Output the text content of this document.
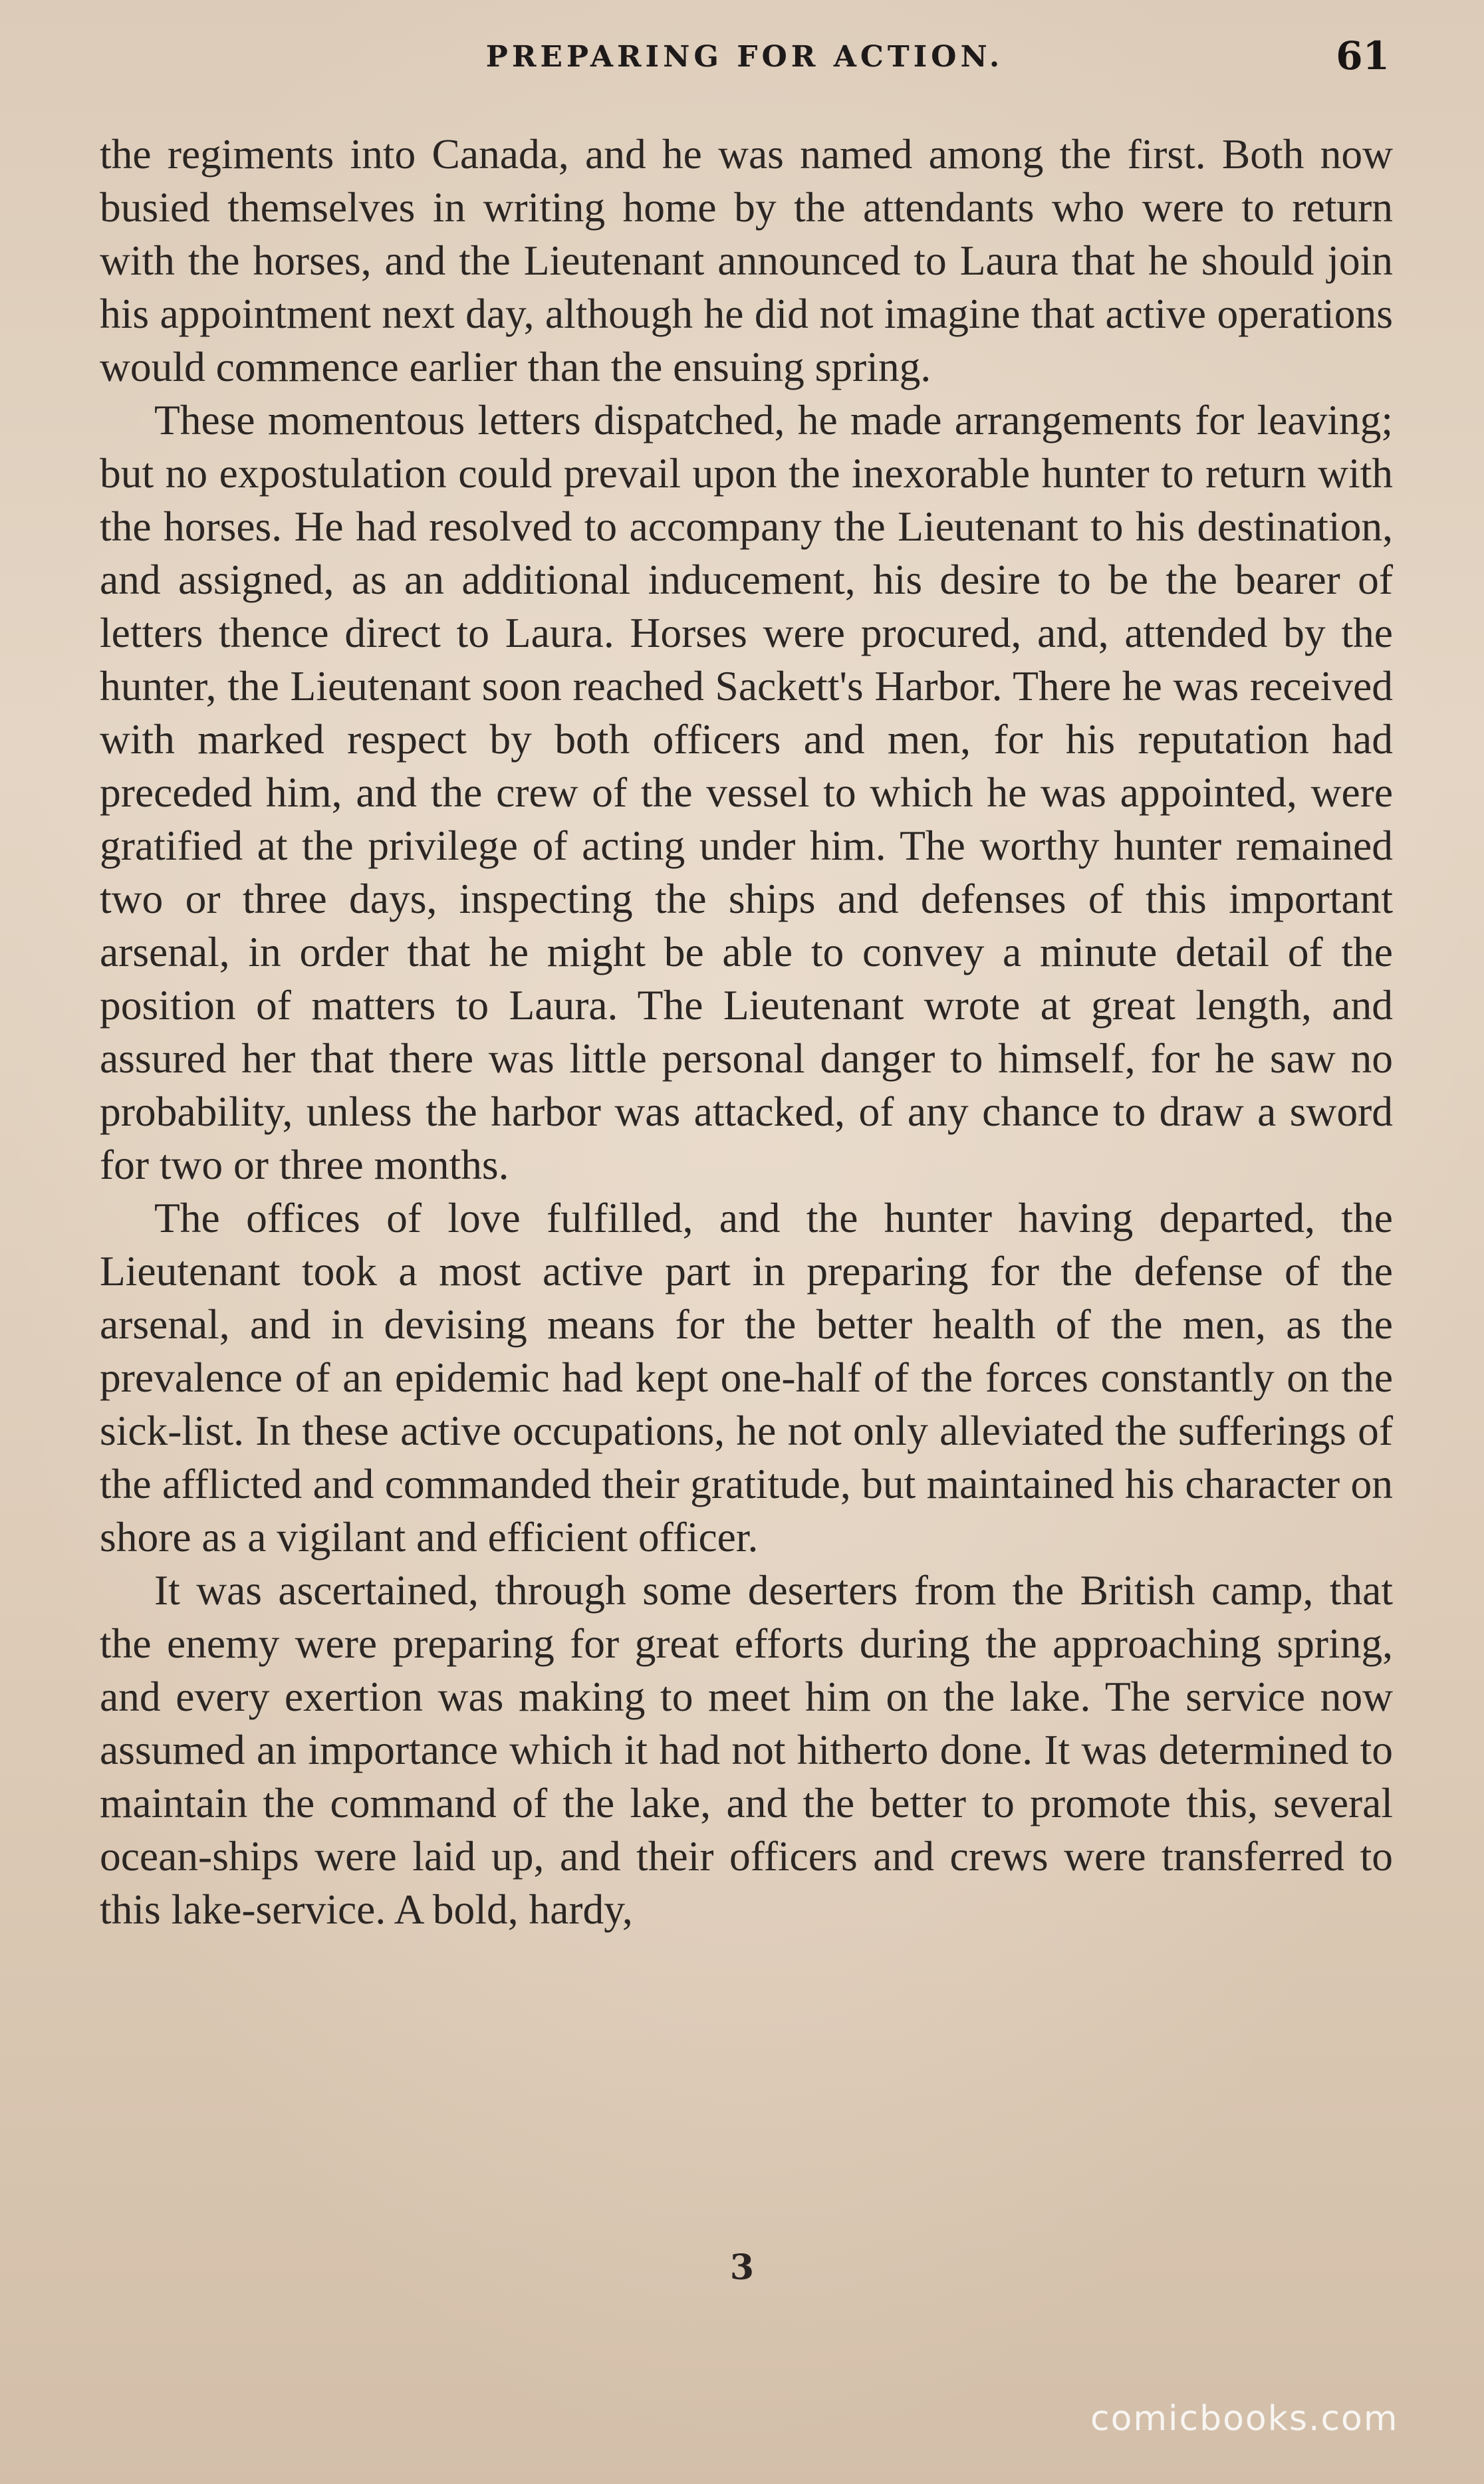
PREPARING FOR ACTION.	61

the regiments into Canada, and he was named among the first. Both now busied themselves in writing home by the attendants who were to return with the horses, and the Lieutenant announced to Laura that he should join his appointment next day, although he did not imagine that active operations would commence earlier than the ensuing spring.

These momentous letters dispatched, he made arrangements for leaving; but no expostulation could prevail upon the inexorable hunter to return with the horses. He had resolved to accompany the Lieutenant to his destination, and assigned, as an additional inducement, his desire to be the bearer of letters thence direct to Laura. Horses were procured, and, attended by the hunter, the Lieutenant soon reached Sackett's Harbor. There he was received with marked respect by both officers and men, for his reputation had preceded him, and the crew of the vessel to which he was appointed, were gratified at the privilege of acting under him. The worthy hunter remained two or three days, inspecting the ships and defenses of this important arsenal, in order that he might be able to convey a minute detail of the position of matters to Laura. The Lieutenant wrote at great length, and assured her that there was little personal danger to himself, for he saw no probability, unless the harbor was attacked, of any chance to draw a sword for two or three months.

The offices of love fulfilled, and the hunter having departed, the Lieutenant took a most active part in preparing for the defense of the arsenal, and in devising means for the better health of the men, as the prevalence of an epidemic had kept one-half of the forces constantly on the sick-list. In these active occupations, he not only alleviated the sufferings of the afflicted and commanded their gratitude, but maintained his character on shore as a vigilant and efficient officer.

It was ascertained, through some deserters from the British camp, that the enemy were preparing for great efforts during the approaching spring, and every exertion was making to meet him on the lake. The service now assumed an importance which it had not hitherto done. It was determined to maintain the command of the lake, and the better to promote this, several ocean-ships were laid up, and their officers and crews were transferred to this lake-service. A bold, hardy,

3
comicbooks.com
